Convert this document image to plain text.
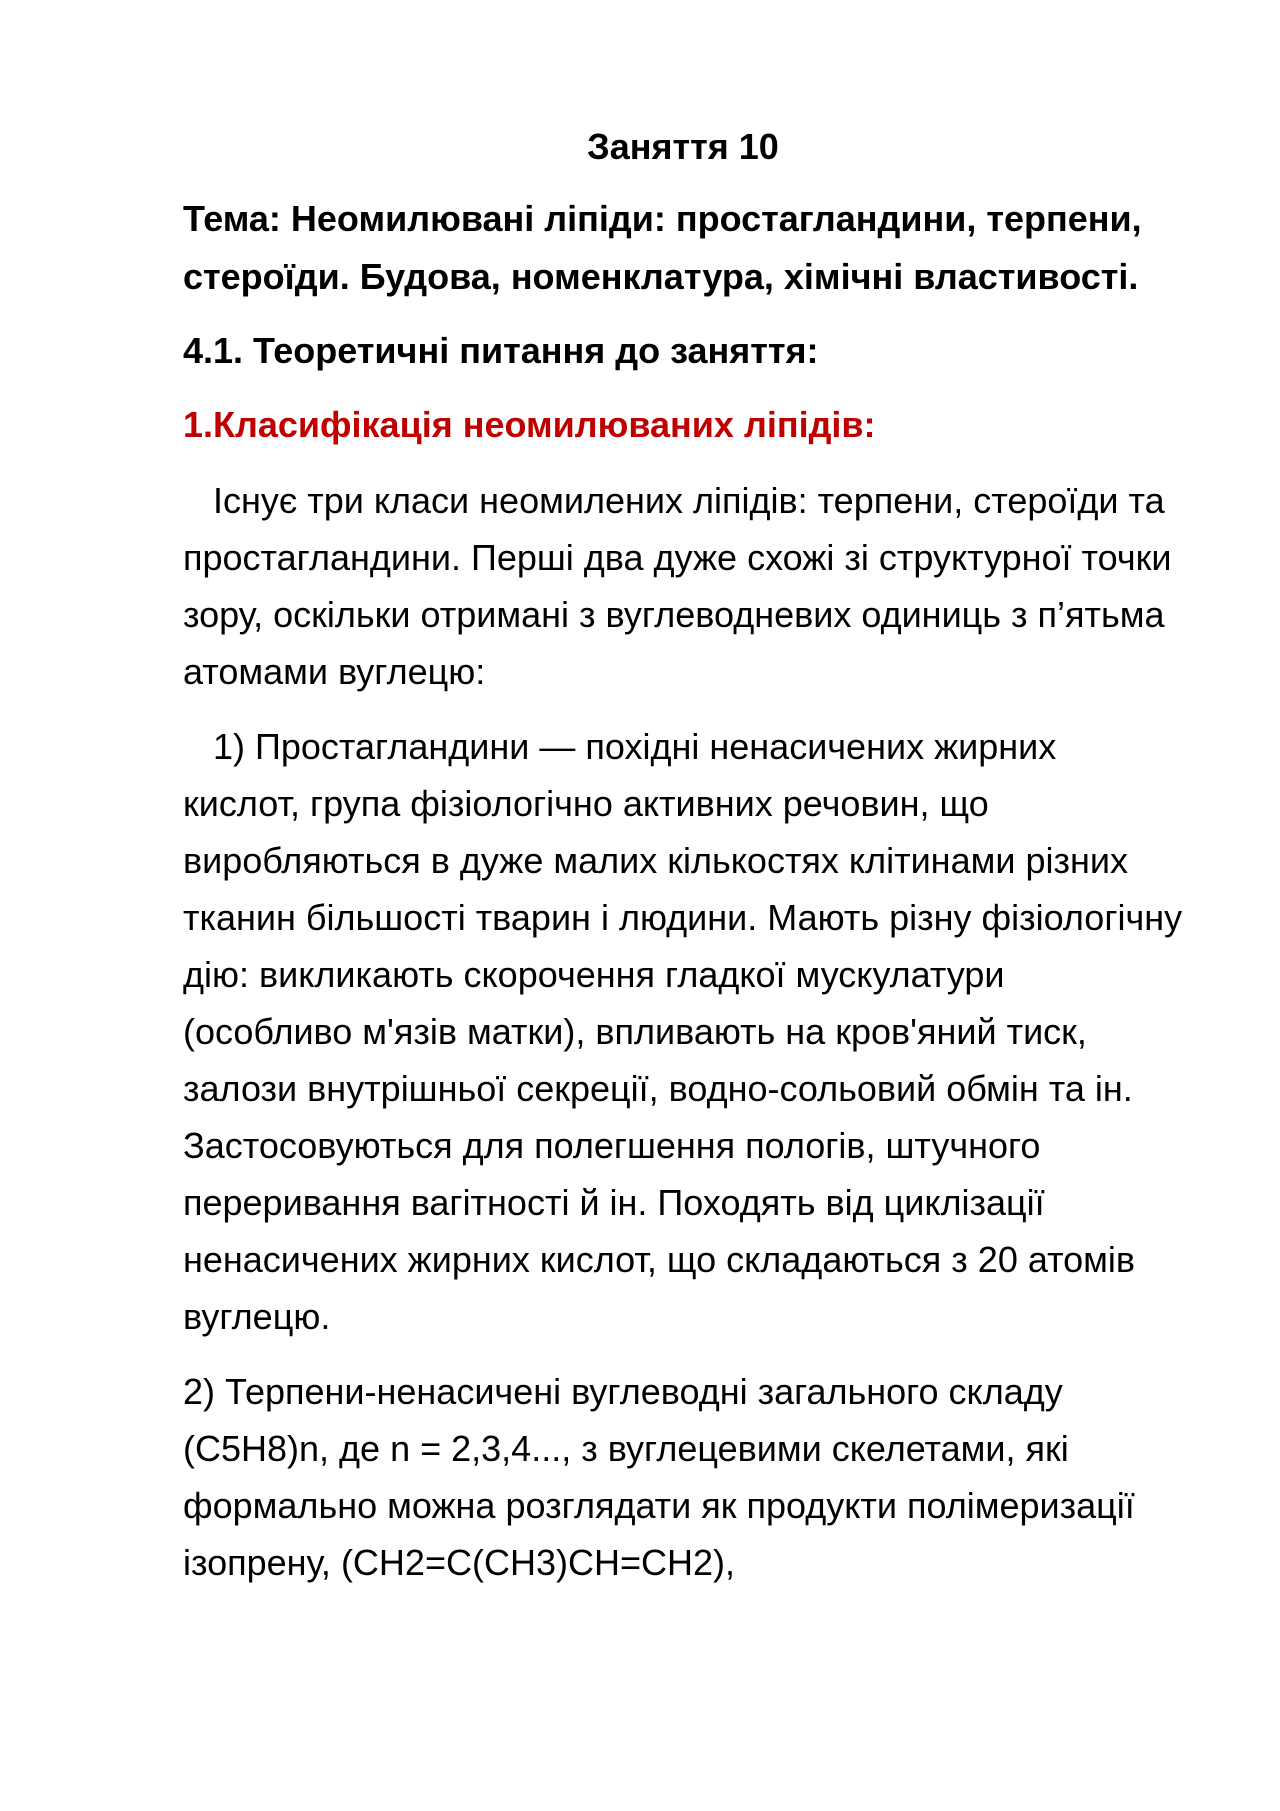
Заняття 10
Тема: Неомилювані ліпіди: простагландини, терпени, стероїди. Будова, номенклатура, хімічні властивості.
4.1. Теоретичні питання до заняття:
1.Класифікація неомилюваних ліпідів:
Існує три класи неомилених ліпідів: терпени, стероїди та простагландини. Перші два дуже схожі зі структурної точки зору, оскільки отримані з вуглеводневих одиниць з п’ятьма атомами вуглецю:
1) Простагландини — похідні ненасичених жирних кислот, група фізіологічно активних речовин, що виробляються в дуже малих кількостях клітинами різних тканин більшості тварин і людини. Мають різну фізіологічну дію: викликають скорочення гладкої мускулатури (особливо м'язів матки), впливають на кров'яний тиск, залози внутрішньої секреції, водно-сольовий обмін та ін. Застосовуються для полегшення пологів, штучного переривання вагітності й ін. Походять від циклізації ненасичених жирних кислот, що складаються з 20 атомів вуглецю.
2) Терпени-ненасичені вуглеводні загального складу (C5H8)n, де n = 2,3,4..., з вуглецевими скелетами, які формально можна розглядати як продукти полімеризації ізопрену, (CH2=C(CH3)CH=CH2),
